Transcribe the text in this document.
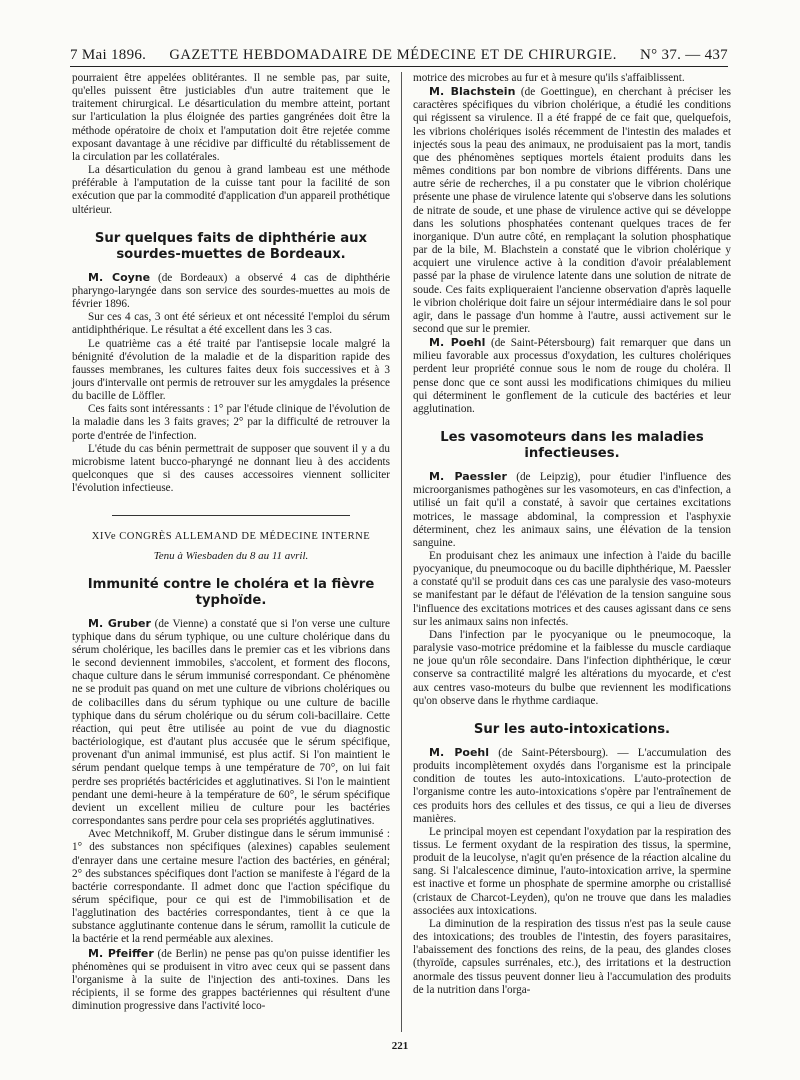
7 Mai 1896. GAZETTE HEBDOMADAIRE DE MÉDECINE ET DE CHIRURGIE. N° 37. — 437

pourraient être appelées oblitérantes. Il ne semble pas, par suite, qu'elles puissent être justiciables d'un autre traitement que le traitement chirurgical. Le désarticulation du membre atteint, portant sur l'articulation la plus éloignée des parties gangrénées doit être la méthode opératoire de choix et l'amputation doit être rejetée comme exposant davantage à une récidive par difficulté du rétablissement de la circulation par les collatérales.

La désarticulation du genou à grand lambeau est une méthode préférable à l'amputation de la cuisse tant pour la facilité de son exécution que par la commodité d'application d'un appareil prothétique ultérieur.

Sur quelques faits de diphthérie aux sourdes-muettes de Bordeaux.

M. Coyne (de Bordeaux) a observé 4 cas de diphthérie pharyngo-laryngée dans son service des sourdes-muettes au mois de février 1896.

Sur ces 4 cas, 3 ont été sérieux et ont nécessité l'emploi du sérum antidiphthérique. Le résultat a été excellent dans les 3 cas.

Le quatrième cas a été traité par l'antisepsie locale malgré la bénignité d'évolution de la maladie et de la disparition rapide des fausses membranes, les cultures faites deux fois successives et à 3 jours d'intervalle ont permis de retrouver sur les amygdales la présence du bacille de Löffler.

Ces faits sont intéressants : 1° par l'étude clinique de l'évolution de la maladie dans les 3 faits graves; 2° par la difficulté de retrouver la porte d'entrée de l'infection.

L'étude du cas bénin permettrait de supposer que souvent il y a du microbisme latent bucco-pharyngé ne donnant lieu à des accidents quelconques que si des causes accessoires viennent solliciter l'évolution infectieuse.

XIVe CONGRÈS ALLEMAND DE MÉDECINE INTERNE
Tenu à Wiesbaden du 8 au 11 avril.
Immunité contre le choléra et la fièvre typhoïde.

M. Gruber (de Vienne) a constaté que si l'on verse une culture typhique dans du sérum typhique, ou une culture cholérique dans du sérum cholérique, les bacilles dans le premier cas et les vibrions dans le second deviennent immobiles, s'accolent, et forment des flocons, chaque culture dans le sérum immunisé correspondant. Ce phénomène ne se produit pas quand on met une culture de vibrions cholériques ou de colibacilles dans du sérum typhique ou une culture de bacille typhique dans du sérum cholérique ou du sérum coli-bacillaire. Cette réaction, qui peut être utilisée au point de vue du diagnostic bactériologique, est d'autant plus accusée que le sérum spécifique, provenant d'un animal immunisé, est plus actif. Si l'on maintient le sérum pendant quelque temps à une température de 70°, on lui fait perdre ses propriétés bactéricides et agglutinatives. Si l'on le maintient pendant une demi-heure à la température de 60°, le sérum spécifique devient un excellent milieu de culture pour les bactéries correspondantes sans perdre pour cela ses propriétés agglutinatives.

Avec Metchnikoff, M. Gruber distingue dans le sérum immunisé : 1° des substances non spécifiques (alexines) capables seulement d'enrayer dans une certaine mesure l'action des bactéries, en général; 2° des substances spécifiques dont l'action se manifeste à l'égard de la bactérie correspondante. Il admet donc que l'action spécifique du sérum spécifique, pour ce qui est de l'immobilisation et de l'agglutination des bactéries correspondantes, tient à ce que la substance agglutinante contenue dans le sérum, ramollit la cuticule de la bactérie et la rend perméable aux alexines.

M. Pfeiffer (de Berlin) ne pense pas qu'on puisse identifier les phénomènes qui se produisent in vitro avec ceux qui se passent dans l'organisme à la suite de l'injection des anti-toxines. Dans les récipients, il se forme des grappes bactériennes qui résultent d'une diminution progressive dans l'activité loco-

motrice des microbes au fur et à mesure qu'ils s'affaiblissent.

M. Blachstein (de Goettingue), en cherchant à préciser les caractères spécifiques du vibrion cholérique, a étudié les conditions qui régissent sa virulence. Il a été frappé de ce fait que, quelquefois, les vibrions cholériques isolés récemment de l'intestin des malades et injectés sous la peau des animaux, ne produisaient pas la mort, tandis que des phénomènes septiques mortels étaient produits dans les mêmes conditions par bon nombre de vibrions différents. Dans une autre série de recherches, il a pu constater que le vibrion cholérique présente une phase de virulence latente qui s'observe dans les solutions de nitrate de soude, et une phase de virulence active qui se développe dans les solutions phosphatées contenant quelques traces de fer inorganique. D'un autre côté, en remplaçant la solution phosphatique par de la bile, M. Blachstein a constaté que le vibrion cholérique y acquiert une virulence active à la condition d'avoir préalablement passé par la phase de virulence latente dans une solution de nitrate de soude. Ces faits expliqueraient l'ancienne observation d'après laquelle le vibrion cholérique doit faire un séjour intermédiaire dans le sol pour agir, dans le passage d'un homme à l'autre, aussi activement sur le second que sur le premier.

M. Poehl (de Saint-Pétersbourg) fait remarquer que dans un milieu favorable aux processus d'oxydation, les cultures cholériques perdent leur propriété connue sous le nom de rouge du choléra. Il pense donc que ce sont aussi les modifications chimiques du milieu qui déterminent le gonflement de la cuticule des bactéries et leur agglutination.

Les vasomoteurs dans les maladies infectieuses.

M. Paessler (de Leipzig), pour étudier l'influence des microorganismes pathogènes sur les vasomoteurs, en cas d'infection, a utilisé un fait qu'il a constaté, à savoir que certaines excitations motrices, le massage abdominal, la compression et l'asphyxie déterminent, chez les animaux sains, une élévation de la tension sanguine.

En produisant chez les animaux une infection à l'aide du bacille pyocyanique, du pneumocoque ou du bacille diphthérique, M. Paessler a constaté qu'il se produit dans ces cas une paralysie des vaso-moteurs se manifestant par le défaut de l'élévation de la tension sanguine sous l'influence des excitations motrices et des causes agissant dans ce sens sur les animaux sains non infectés.

Dans l'infection par le pyocyanique ou le pneumocoque, la paralysie vaso-motrice prédomine et la faiblesse du muscle cardiaque ne joue qu'un rôle secondaire. Dans l'infection diphthérique, le cœur conserve sa contractilité malgré les altérations du myocarde, et c'est aux centres vaso-moteurs du bulbe que reviennent les modifications qu'on observe dans le rhythme cardiaque.

Sur les auto-intoxications.

M. Poehl (de Saint-Pétersbourg). — L'accumulation des produits incomplètement oxydés dans l'organisme est la principale condition de toutes les auto-intoxications. L'auto-protection de l'organisme contre les auto-intoxications s'opère par l'entraînement de ces produits hors des cellules et des tissus, ce qui a lieu de diverses manières.

Le principal moyen est cependant l'oxydation par la respiration des tissus. Le ferment oxydant de la respiration des tissus, la spermine, produit de la leucolyse, n'agit qu'en présence de la réaction alcaline du sang. Si l'alcalescence diminue, l'auto-intoxication arrive, la spermine est inactive et forme un phosphate de spermine amorphe ou cristallisé (cristaux de Charcot-Leyden), qu'on ne trouve que dans les maladies associées aux intoxications.

La diminution de la respiration des tissus n'est pas la seule cause des intoxications; des troubles de l'intestin, des foyers parasitaires, l'abaissement des fonctions des reins, de la peau, des glandes closes (thyroïde, capsules surrénales, etc.), des irritations et la destruction anormale des tissus peuvent donner lieu à l'accumulation des produits de la nutrition dans l'orga-

221
